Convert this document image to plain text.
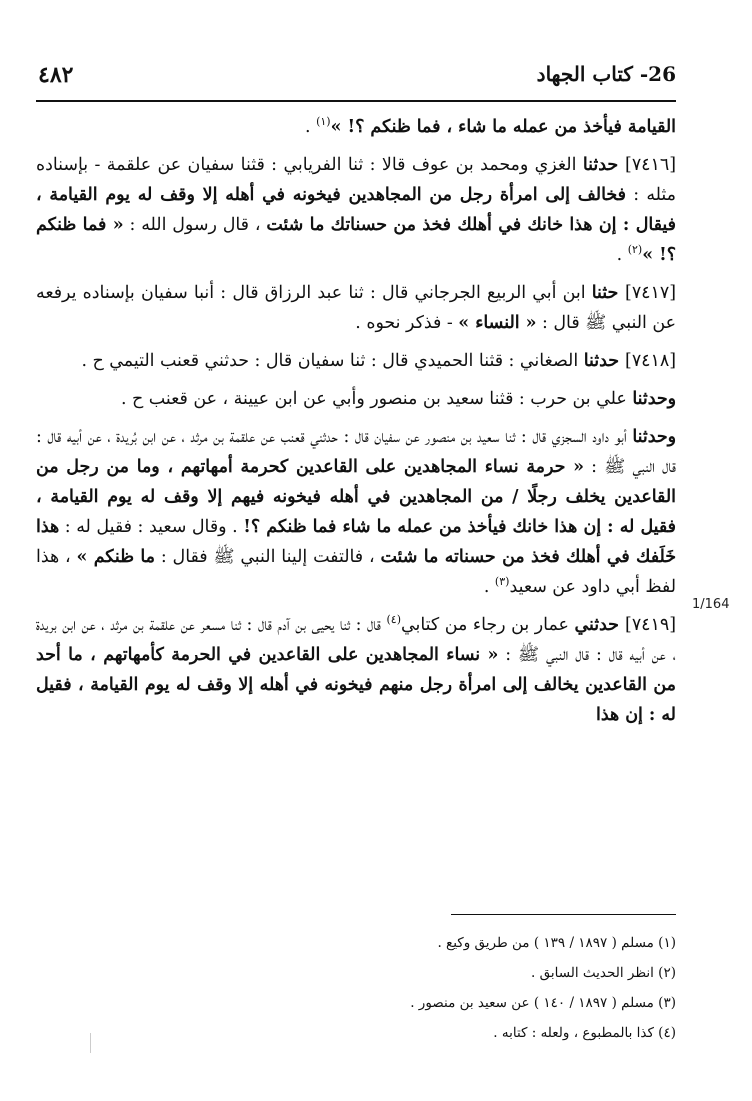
٤٨٢	26- كتاب الجهاد
1/164

القيامة فيأخذ من عمله ما شاء ، فما ظنكم ؟! »$^{(١)}$ .

[٧٤١٦] حدثنا الغزي ومحمد بن عوف قالا : ثنا الفريابي : قثنا سفيان عن علقمة - بإسناده مثله : فخالف إلى امرأة رجل من المجاهدين فيخونه في أهله إلا وقف له يوم القيامة ، فيقال : إن هذا خانك في أهلك فخذ من حسناتك ما شئت ، قال رسول الله : « فما ظنكم ؟! »$^{(٢)}$ .

[٧٤١٧] حثنا ابن أبي الربيع الجرجاني قال : ثنا عبد الرزاق قال : أنبا سفيان بإسناده يرفعه عن النبي ﷺ قال : « النساء » - فذكر نحوه .

[٧٤١٨] حدثنا الصغاني : قثنا الحميدي قال : ثنا سفيان قال : حدثني قعنب التيمي ح .

وحدثنا علي بن حرب : قثنا سعيد بن منصور وأبي عن ابن عيينة ، عن قعنب ح .

وحدثنا أبو داود السجزي قال : ثنا سعيد بن منصور عن سفيان قال : حدثني قعنب عن علقمة بن مرثد ، عن ابن بُريدة ، عن أبيه قال : قال النبي ﷺ : « حرمة نساء المجاهدين على القاعدين كحرمة أمهاتهم ، وما من رجل من القاعدين يخلف رجلًا / من المجاهدين في أهله فيخونه فيهم إلا وقف له يوم القيامة ، فقيل له : إن هذا خانك فيأخذ من عمله ما شاء فما ظنكم ؟! . وقال سعيد : فقيل له : هذا خَلَفك في أهلك فخذ من حسناته ما شئت ، فالتفت إلينا النبي ﷺ فقال : ما ظنكم » ، هذا لفظ أبي داود عن سعيد$^{(٣)}$ .

[٧٤١٩] حدثني عمار بن رجاء من كتابي$^{(٤)}$ قال : ثنا يحيى بن آدم قال : ثنا مسعر عن علقمة بن مرثد ، عن ابن بريدة ، عن أبيه قال : قال النبي ﷺ : « نساء المجاهدين على القاعدين في الحرمة كأمهاتهم ، ما أحد من القاعدين يخالف إلى امرأة رجل منهم فيخونه في أهله إلا وقف له يوم القيامة ، فقيل له : إن هذا

(١) مسلم ( ١٨٩٧ / ١٣٩ ) من طريق وكيع .

(٢) انظر الحديث السابق .

(٣) مسلم ( ١٨٩٧ / ١٤٠ ) عن سعيد بن منصور .

(٤) كذا بالمطبوع ، ولعله : كتابه .
